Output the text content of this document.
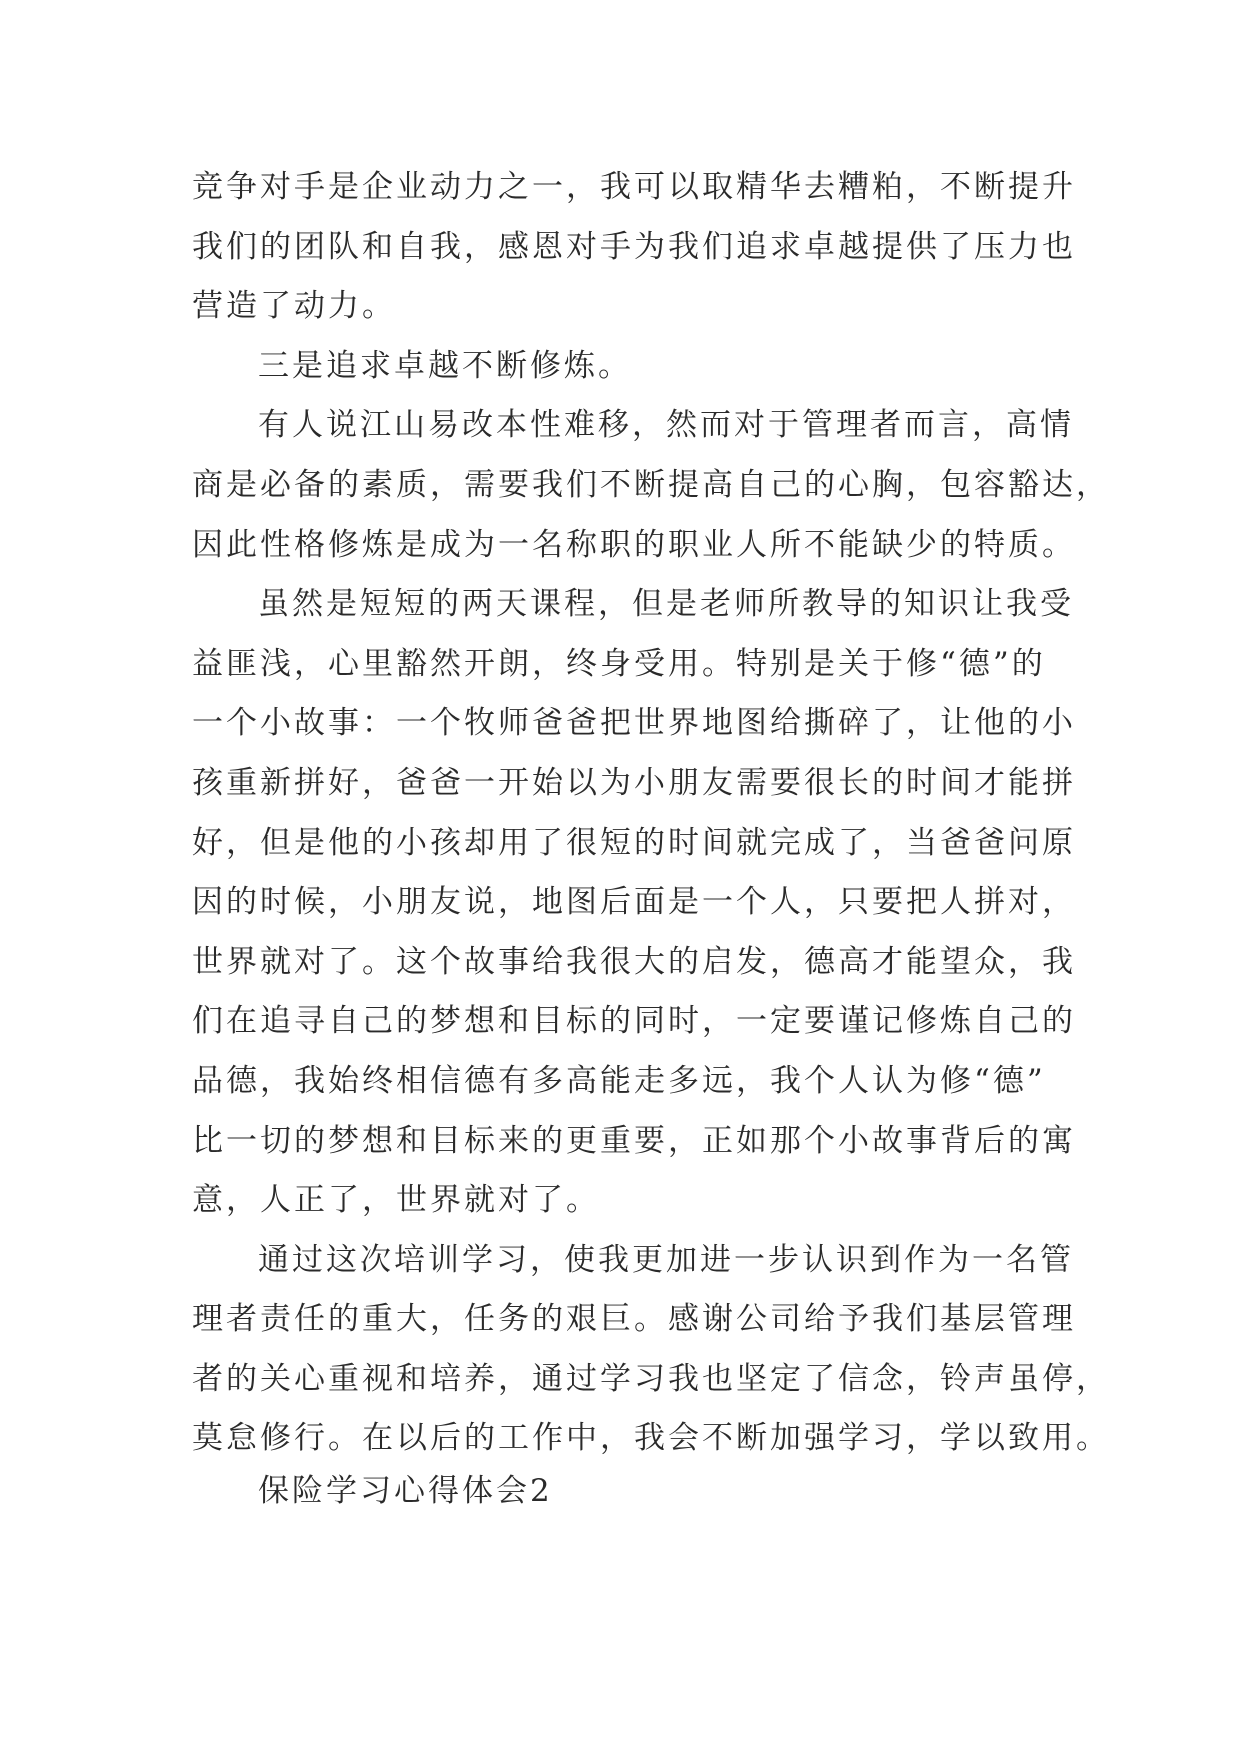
竞争对手是企业动力之一，我可以取精华去糟粕，不断提升
我们的团队和自我，感恩对手为我们追求卓越提供了压力也
营造了动力。
三是追求卓越不断修炼。
有人说江山易改本性难移，然而对于管理者而言，高情
商是必备的素质，需要我们不断提高自己的心胸，包容豁达，
因此性格修炼是成为一名称职的职业人所不能缺少的特质。
虽然是短短的两天课程，但是老师所教导的知识让我受
益匪浅，心里豁然开朗，终身受用。特别是关于修“德”的
一个小故事：一个牧师爸爸把世界地图给撕碎了，让他的小
孩重新拼好，爸爸一开始以为小朋友需要很长的时间才能拼
好，但是他的小孩却用了很短的时间就完成了，当爸爸问原
因的时候，小朋友说，地图后面是一个人，只要把人拼对，
世界就对了。这个故事给我很大的启发，德高才能望众，我
们在追寻自己的梦想和目标的同时，一定要谨记修炼自己的
品德，我始终相信德有多高能走多远，我个人认为修“德”
比一切的梦想和目标来的更重要，正如那个小故事背后的寓
意，人正了，世界就对了。
通过这次培训学习，使我更加进一步认识到作为一名管
理者责任的重大，任务的艰巨。感谢公司给予我们基层管理
者的关心重视和培养，通过学习我也坚定了信念，铃声虽停，
莫怠修行。在以后的工作中，我会不断加强学习，学以致用。
保险学习心得体会2
